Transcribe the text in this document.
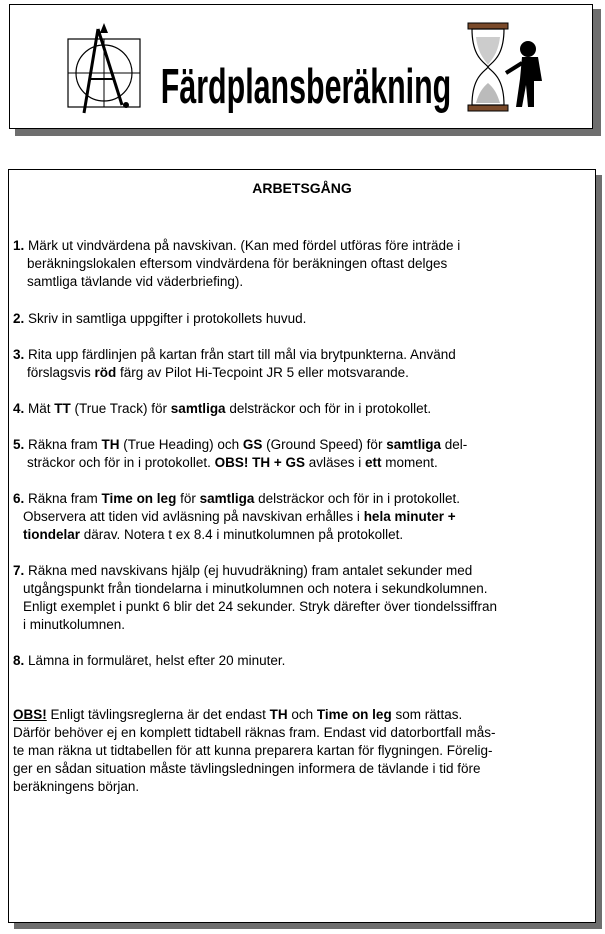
Färdplansberäkning
ARBETSGÅNG

1. Märk ut vindvärdena på navskivan. (Kan med fördel utföras före inträde i
beräkningslokalen eftersom vindvärdena för beräkningen oftast delges
samtliga tävlande vid väderbriefing).

2. Skriv in samtliga uppgifter i protokollets huvud.

3. Rita upp färdlinjen på kartan från start till mål via brytpunkterna. Använd
förslagsvis röd färg av Pilot Hi-Tecpoint JR 5 eller motsvarande.

4. Mät TT (True Track) för samtliga delsträckor och för in i protokollet.

5. Räkna fram TH (True Heading) och GS (Ground Speed) för samtliga del-
sträckor och för in i protokollet. OBS! TH + GS avläses i ett moment.

6. Räkna fram Time on leg för samtliga delsträckor och för in i protokollet.
Observera att tiden vid avläsning på navskivan erhålles i hela minuter +
tiondelar därav. Notera t ex 8.4 i minutkolumnen på protokollet.

7. Räkna med navskivans hjälp (ej huvudräkning) fram antalet sekunder med
utgångspunkt från tiondelarna i minutkolumnen och notera i sekundkolumnen.
Enligt exemplet i punkt 6 blir det 24 sekunder. Stryk därefter över tiondelssiffran
i minutkolumnen.

8. Lämna in formuläret, helst efter 20 minuter.

OBS! Enligt tävlingsreglerna är det endast TH och Time on leg som rättas.
Därför behöver ej en komplett tidtabell räknas fram. Endast vid datorbortfall mås-
te man räkna ut tidtabellen för att kunna preparera kartan för flygningen. Förelig-
ger en sådan situation måste tävlingsledningen informera de tävlande i tid före
beräkningens början.
